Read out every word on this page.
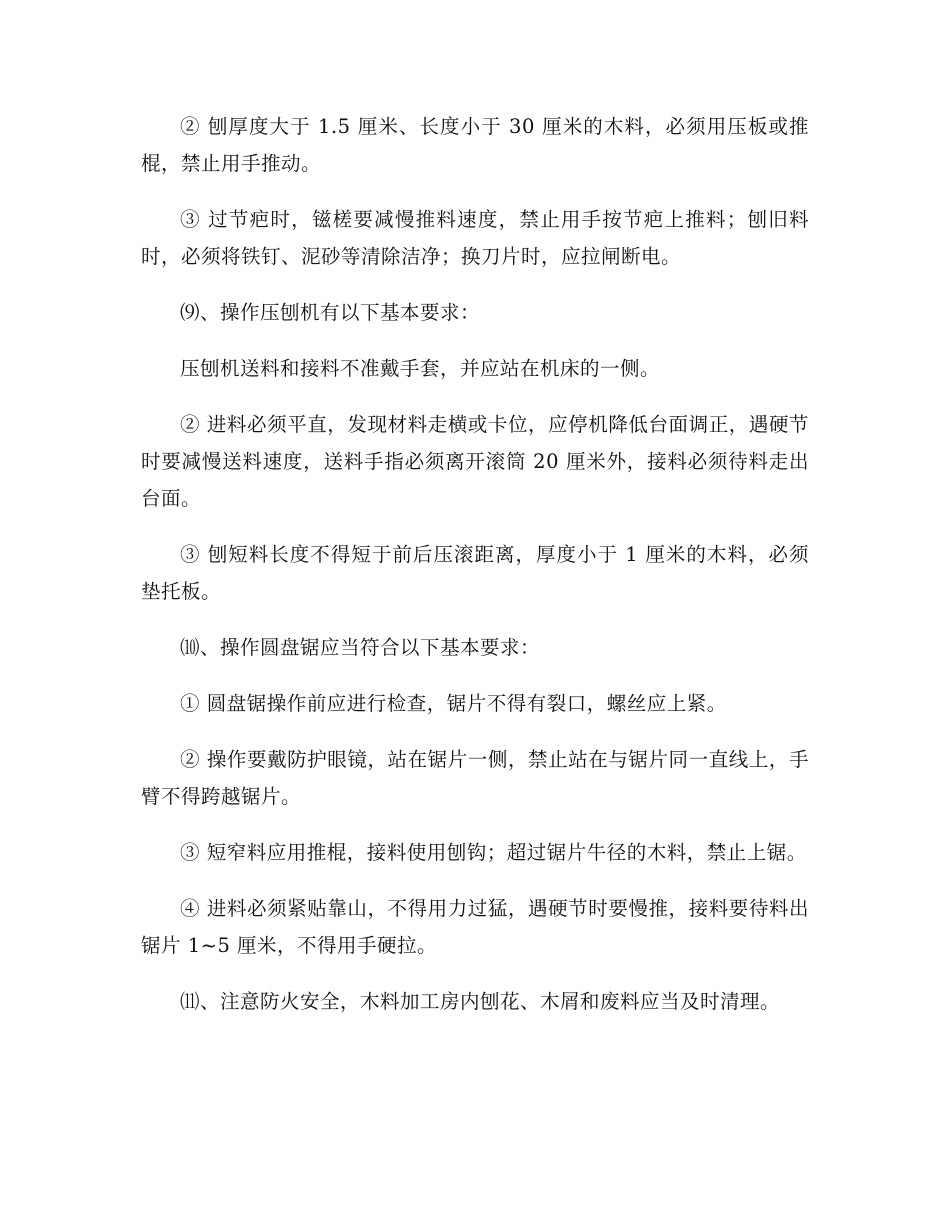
② 刨厚度大于 1.5 厘米、长度小于 30 厘米的木料，必须用压板或推棍，禁止用手推动。

③ 过节疤时，镃槎要减慢推料速度，禁止用手按节疤上推料；刨旧料时，必须将铁钉、泥砂等清除洁净；换刀片时，应拉闸断电。

⑼、操作压刨机有以下基本要求：

压刨机送料和接料不准戴手套，并应站在机床的一侧。

② 进料必须平直，发现材料走横或卡位，应停机降低台面调正，遇硬节时要减慢送料速度，送料手指必须离开滚筒 20 厘米外，接料必须待料走出台面。

③ 刨短料长度不得短于前后压滚距离，厚度小于 1 厘米的木料，必须垫托板。

⑽、操作圆盘锯应当符合以下基本要求：

① 圆盘锯操作前应进行检查，锯片不得有裂口，螺丝应上紧。

② 操作要戴防护眼镜，站在锯片一侧，禁止站在与锯片同一直线上，手臂不得跨越锯片。

③ 短窄料应用推棍，接料使用刨钩；超过锯片牛径的木料，禁止上锯。

④ 进料必须紧贴靠山，不得用力过猛，遇硬节时要慢推，接料要待料出锯片 1~5 厘米，不得用手硬拉。

⑾、注意防火安全，木料加工房内刨花、木屑和废料应当及时清理。
